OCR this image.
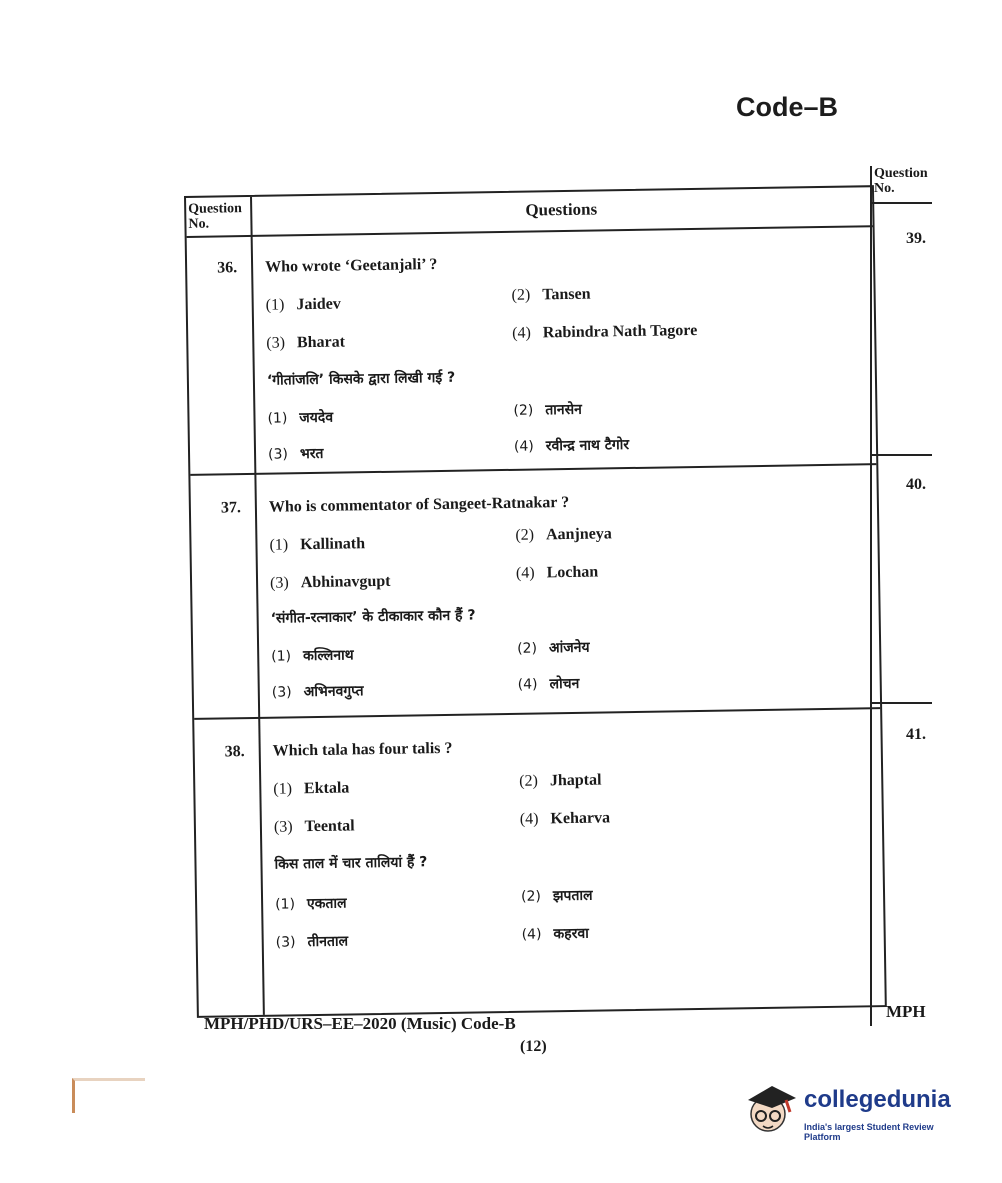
Code–B
Question No.
Questions
36. Who wrote ‘Geetanjali’ ?
(1) Jaidev
(2) Tansen
(3) Bharat
(4) Rabindra Nath Tagore
‘गीतांजलि’ किसके द्वारा लिखी गई ?
(1) जयदेव	(2) तानसेन
(3) भरत	(4) रवीन्द्र नाथ टैगोर
37. Who is commentator of Sangeet-Ratnakar ?
(1) Kallinath
(2) Aanjneya
(3) Abhinavgupt	(4) Lochan
‘संगीत-रत्नाकार’ के टीकाकार कौन हैं ?
(1) कल्लिनाथ	(2) आंजनेय
(3) अभिनवगुप्त	(4) लोचन
38. Which tala has four talis ?
(1) Ektala	(2) Jhaptal
(3) Teental	(4) Keharva
किस ताल में चार तालियां हैं ?
(1) एकताल	(2) झपताल
(3) तीनताल	(4) कहरवा
Question No.
39.
40.
41.
MPH
MPH/PHD/URS–EE–2020 (Music) Code-B
(12)
collegedunia
India's largest Student Review Platform
